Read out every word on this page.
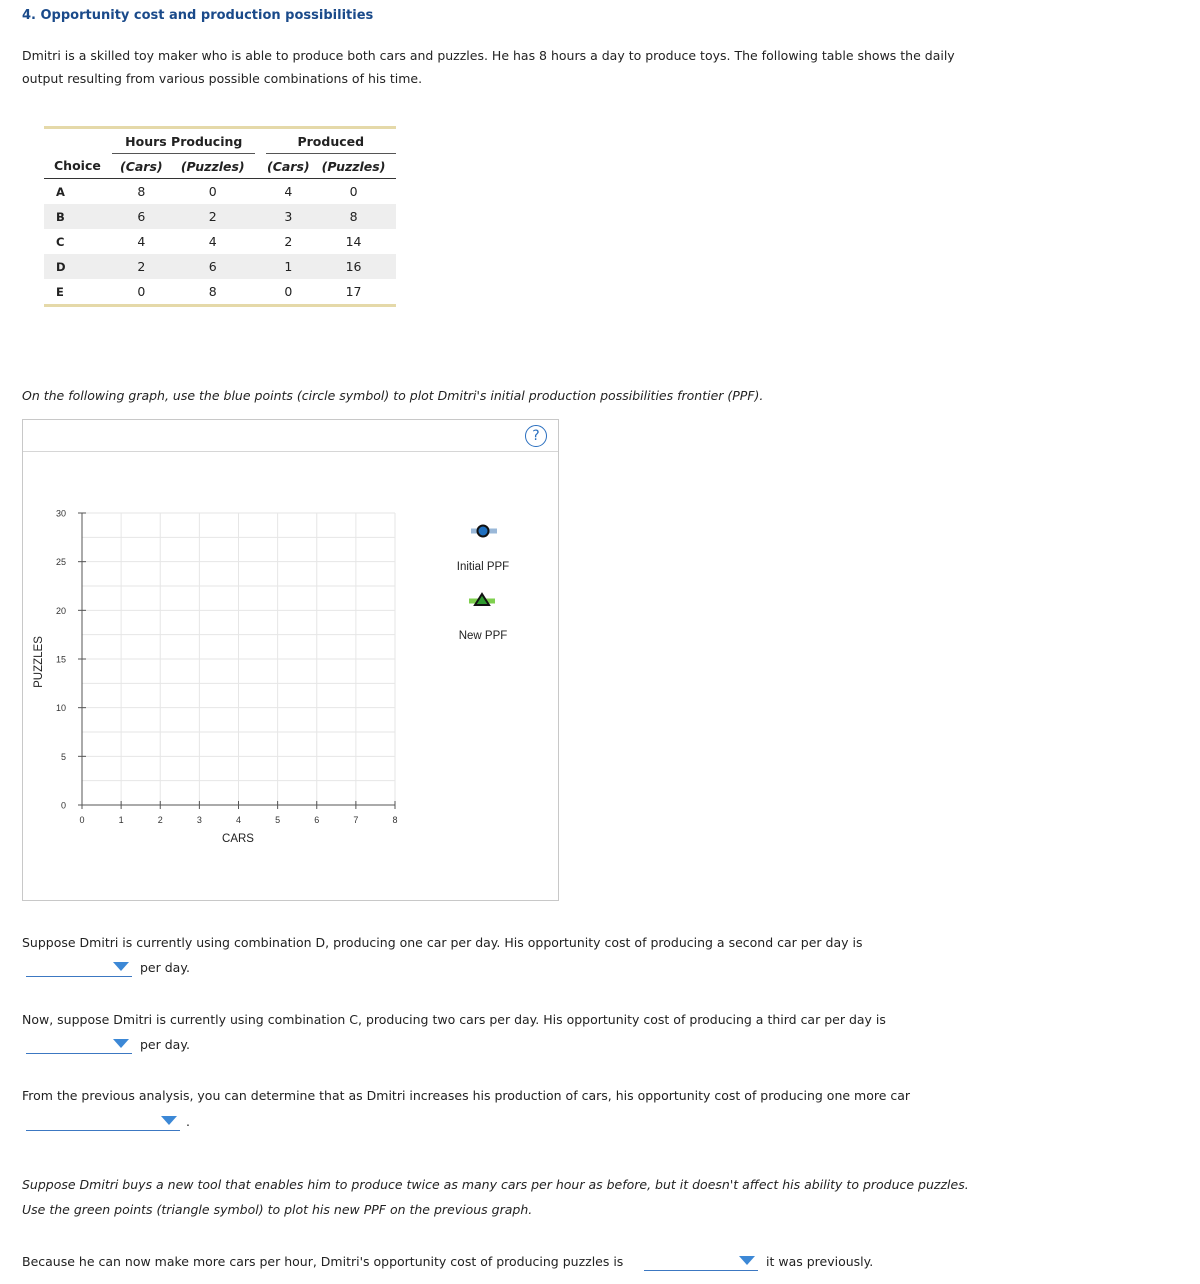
4. Opportunity cost and production possibilities
Dmitri is a skilled toy maker who is able to produce both cars and puzzles. He has 8 hours a day to produce toys. The following table shows the daily
output resulting from various possible combinations of his time.
	Hours Producing			Produced	
Choice	(Cars)	(Puzzles)		(Cars)	(Puzzles)
A	8	0		4	0
B	6	2		3	8
C	4	4		2	14
D	2	6		1	16
E	0	8		0	17
On the following graph, use the blue points (circle symbol) to plot Dmitri's initial production possibilities frontier (PPF).
?
0	1	2	3	4	5	6	7	8
0
5
10
15
20
25
30
CARS
PUZZLES
Initial PPF
New PPF
Suppose Dmitri is currently using combination D, producing one car per day. His opportunity cost of producing a second car per day is
per day.
Now, suppose Dmitri is currently using combination C, producing two cars per day. His opportunity cost of producing a third car per day is
per day.
From the previous analysis, you can determine that as Dmitri increases his production of cars, his opportunity cost of producing one more car
.
Suppose Dmitri buys a new tool that enables him to produce twice as many cars per hour as before, but it doesn't affect his ability to produce puzzles.
Use the green points (triangle symbol) to plot his new PPF on the previous graph.
Because he can now make more cars per hour, Dmitri's opportunity cost of producing puzzles is	it was previously.
